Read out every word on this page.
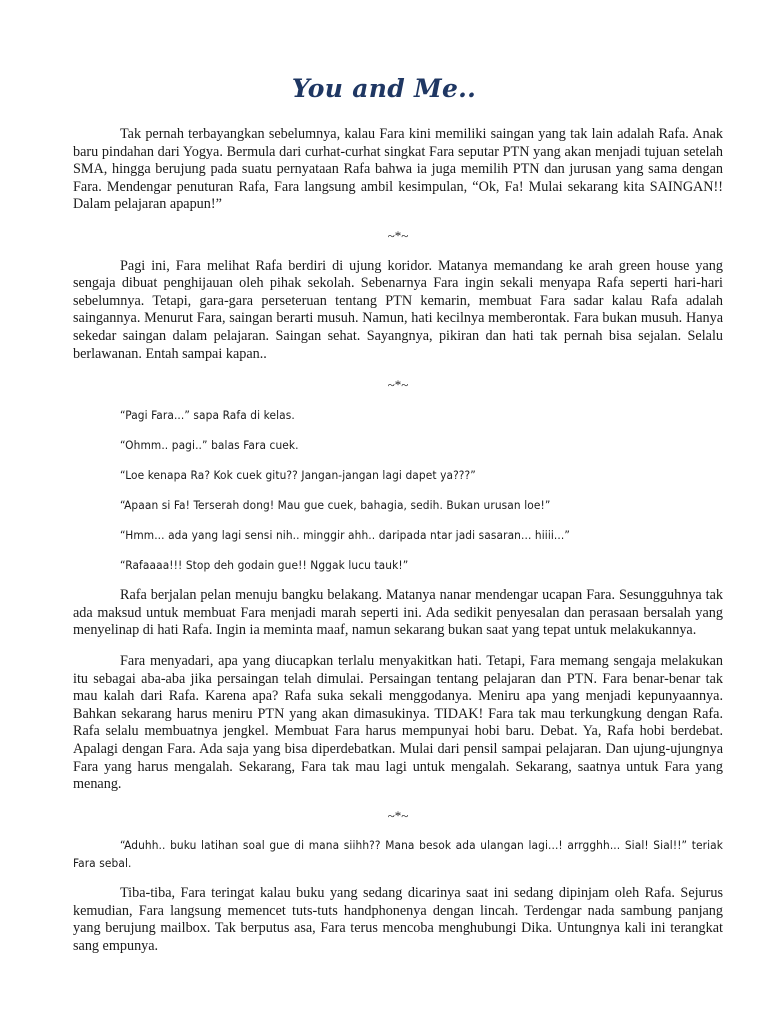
You and Me..

Tak pernah terbayangkan sebelumnya, kalau Fara kini memiliki saingan yang tak lain adalah Rafa. Anak baru pindahan dari Yogya. Bermula dari curhat-curhat singkat Fara seputar PTN yang akan menjadi tujuan setelah SMA, hingga berujung pada suatu pernyataan Rafa bahwa ia juga memilih PTN dan jurusan yang sama dengan Fara. Mendengar penuturan Rafa, Fara langsung ambil kesimpulan, “Ok, Fa! Mulai sekarang kita SAINGAN!! Dalam pelajaran apapun!”

~*~

Pagi ini, Fara melihat Rafa berdiri di ujung koridor. Matanya memandang ke arah green house yang sengaja dibuat penghijauan oleh pihak sekolah. Sebenarnya Fara ingin sekali menyapa Rafa seperti hari-hari sebelumnya. Tetapi, gara-gara perseteruan tentang PTN kemarin, membuat Fara sadar kalau Rafa adalah saingannya. Menurut Fara, saingan berarti musuh. Namun, hati kecilnya memberontak. Fara bukan musuh. Hanya sekedar saingan dalam pelajaran. Saingan sehat. Sayangnya, pikiran dan hati tak pernah bisa sejalan. Selalu berlawanan. Entah sampai kapan..

~*~

“Pagi Fara...” sapa Rafa di kelas.

“Ohmm.. pagi..” balas Fara cuek.

“Loe kenapa Ra? Kok cuek gitu?? Jangan-jangan lagi dapet ya???”

“Apaan si Fa! Terserah dong! Mau gue cuek, bahagia, sedih. Bukan urusan loe!”

“Hmm... ada yang lagi sensi nih.. minggir ahh.. daripada ntar jadi sasaran... hiiii...”

“Rafaaaa!!! Stop deh godain gue!! Nggak lucu tauk!”

Rafa berjalan pelan menuju bangku belakang. Matanya nanar mendengar ucapan Fara. Sesungguhnya tak ada maksud untuk membuat Fara menjadi marah seperti ini. Ada sedikit penyesalan dan perasaan bersalah yang menyelinap di hati Rafa. Ingin ia meminta maaf, namun sekarang bukan saat yang tepat untuk melakukannya.

Fara menyadari, apa yang diucapkan terlalu menyakitkan hati. Tetapi, Fara memang sengaja melakukan itu sebagai aba-aba jika persaingan telah dimulai. Persaingan tentang pelajaran dan PTN. Fara benar-benar tak mau kalah dari Rafa. Karena apa? Rafa suka sekali menggodanya. Meniru apa yang menjadi kepunyaannya. Bahkan sekarang harus meniru PTN yang akan dimasukinya. TIDAK! Fara tak mau terkungkung dengan Rafa. Rafa selalu membuatnya jengkel. Membuat Fara harus mempunyai hobi baru. Debat. Ya, Rafa hobi berdebat. Apalagi dengan Fara. Ada saja yang bisa diperdebatkan. Mulai dari pensil sampai pelajaran. Dan ujung-ujungnya Fara yang harus mengalah. Sekarang, Fara tak mau lagi untuk mengalah. Sekarang, saatnya untuk Fara yang menang.

~*~

“Aduhh.. buku latihan soal gue di mana siihh?? Mana besok ada ulangan lagi...! arrgghh... Sial! Sial!!” teriak Fara sebal.

Tiba-tiba, Fara teringat kalau buku yang sedang dicarinya saat ini sedang dipinjam oleh Rafa. Sejurus kemudian, Fara langsung memencet tuts-tuts handphonenya dengan lincah. Terdengar nada sambung panjang yang berujung mailbox. Tak berputus asa, Fara terus mencoba menghubungi Dika. Untungnya kali ini terangkat sang empunya.
